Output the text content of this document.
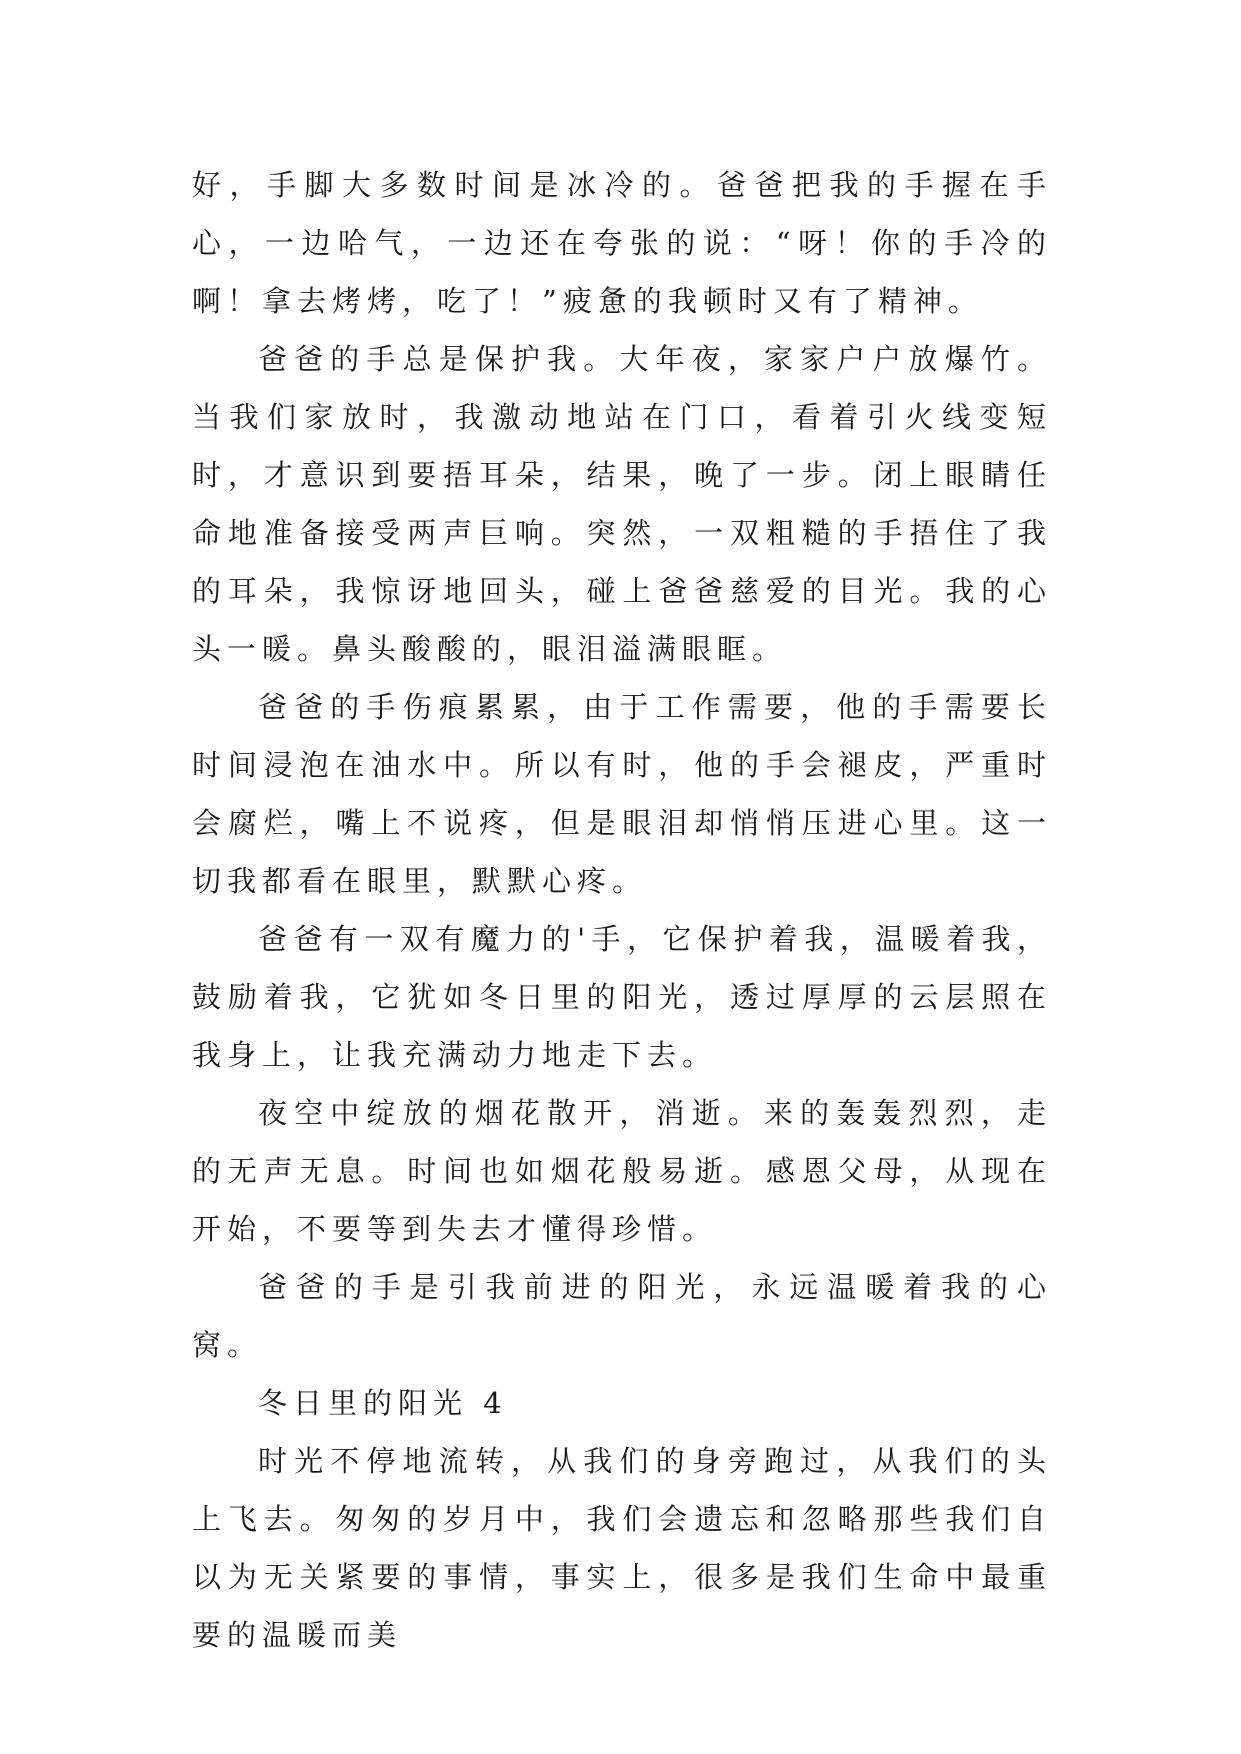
好，手脚大多数时间是冰冷的。爸爸把我的手握在手心，一边哈气，一边还在夸张的说：“呀！你的手冷的啊！拿去烤烤，吃了！”疲惫的我顿时又有了精神。

爸爸的手总是保护我。大年夜，家家户户放爆竹。当我们家放时，我激动地站在门口，看着引火线变短时，才意识到要捂耳朵，结果，晚了一步。闭上眼睛任命地准备接受两声巨响。突然，一双粗糙的手捂住了我的耳朵，我惊讶地回头，碰上爸爸慈爱的目光。我的心头一暖。鼻头酸酸的，眼泪溢满眼眶。

爸爸的手伤痕累累，由于工作需要，他的手需要长时间浸泡在油水中。所以有时，他的手会褪皮，严重时会腐烂，嘴上不说疼，但是眼泪却悄悄压进心里。这一切我都看在眼里，默默心疼。

爸爸有一双有魔力的'手，它保护着我，温暖着我，鼓励着我，它犹如冬日里的阳光，透过厚厚的云层照在我身上，让我充满动力地走下去。

夜空中绽放的烟花散开，消逝。来的轰轰烈烈，走的无声无息。时间也如烟花般易逝。感恩父母，从现在开始，不要等到失去才懂得珍惜。

爸爸的手是引我前进的阳光，永远温暖着我的心窝。

冬日里的阳光 4

时光不停地流转，从我们的身旁跑过，从我们的头上飞去。匆匆的岁月中，我们会遗忘和忽略那些我们自以为无关紧要的事情，事实上，很多是我们生命中最重要的温暖而美
